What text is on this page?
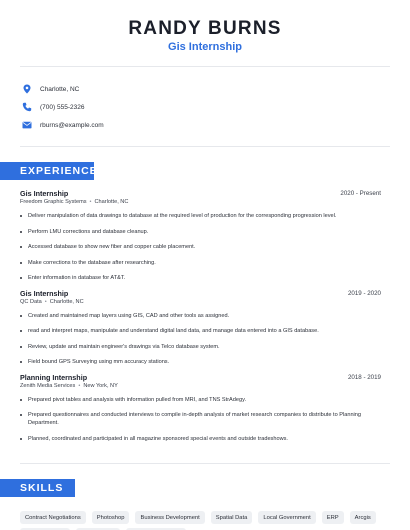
RANDY BURNS
Gis Internship
Charlotte, NC
(700) 555-2326
rburns@example.com
EXPERIENCE
Gis Internship	2020 - Present
Freedom Graphic Systems • Charlotte, NC
Deliver manipulation of data drawings to database at the required level of production for the corresponding progression level.
Perform LMU corrections and database cleanup.
Accessed database to show new fiber and copper cable placement.
Make corrections to the database after researching.
Enter information in database for AT&T.
Gis Internship	2019 - 2020
QC Data • Charlotte, NC
Created and maintained map layers using GIS, CAD and other tools as assigned.
read and interpret maps, manipulate and understand digital land data, and manage data entered into a GIS database.
Review, update and maintain engineer's drawings via Telco database system.
Field bound GPS Surveying using mm accuracy stations.
Planning Internship	2018 - 2019
Zenith Media Services • New York, NY
Prepared pivot tables and analysis with information pulled from MRI, and TNS StrAdegy.
Prepared questionnaires and conducted interviews to compile in-depth analysis of market research companies to distribute to Planning Department.
Planned, coordinated and participated in all magazine sponsored special events and outside tradeshows.
SKILLS
Contract Negotiations	Photoshop	Business Development	Spatial Data	Local Government	ERP	Arcgis
